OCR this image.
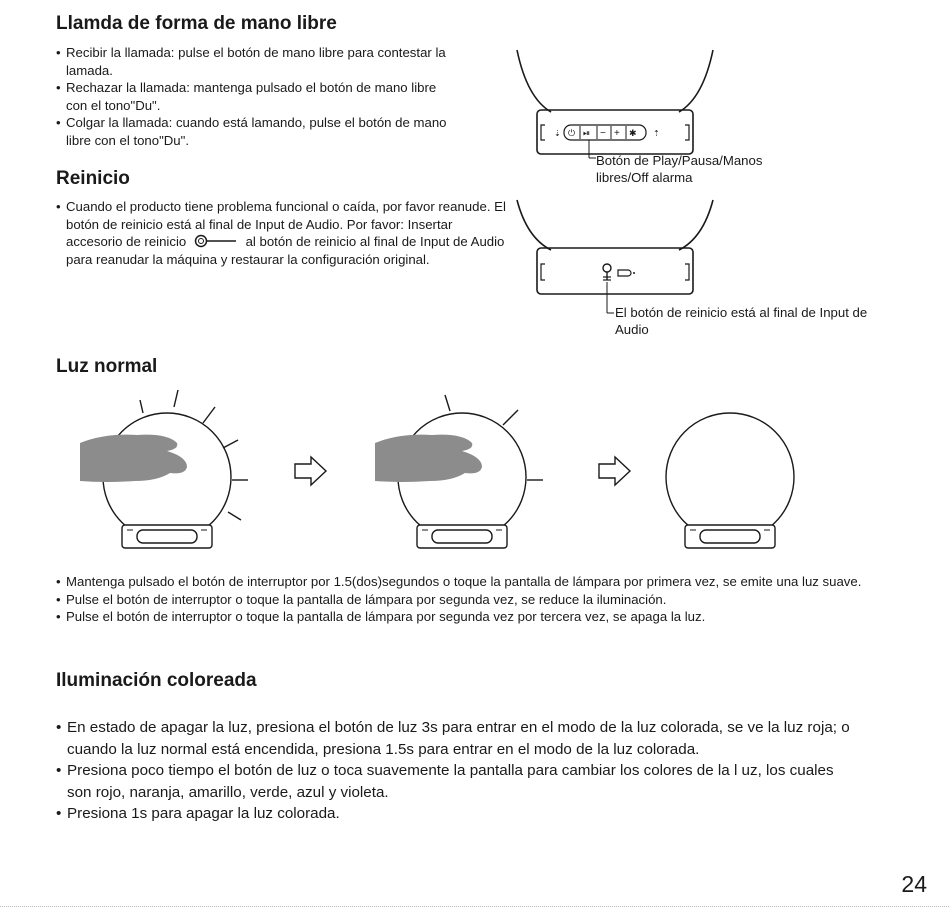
Llamda de forma de mano libre
• Recibir la llamada: pulse el botón de mano libre para contestar la lamada.
• Rechazar la llamada: mantenga pulsado el botón de mano libre con el tono"Du".
• Colgar la llamada: cuando está lamando, pulse el botón de mano libre con el tono"Du".
Reinicio
• Cuando el producto tiene problema funcional o caída, por favor reanude. El botón de reinicio está al final de Input de Audio. Por favor: Insertar accesorio de reinicio	al botón de reinicio al final de Input de Audio para reanudar la máquina y restaurar la configuración original.
⇣ ⏻ ⏯ − + ✱ ⇡
Botón de Play/Pausa/Manos libres/Off alarma
El botón de reinicio está al final de Input de Audio
Luz normal
• Mantenga pulsado el botón de interruptor por 1.5(dos)segundos o toque la pantalla de lámpara por primera vez, se emite una luz suave.
• Pulse el botón de interruptor o toque la pantalla de lámpara por segunda vez, se reduce la iluminación.
• Pulse el botón de interruptor o toque la pantalla de lámpara por segunda vez por tercera vez, se apaga la luz.
Iluminación coloreada
• En estado de apagar la luz, presiona el botón de luz 3s para entrar en el modo de la luz colorada, se ve la luz roja; o cuando la luz normal está encendida, presiona 1.5s para entrar en el modo de la luz colorada.
• Presiona poco tiempo el botón de luz o toca suavemente la pantalla para cambiar los colores de la l uz, los cuales son rojo, naranja, amarillo, verde, azul y violeta.
• Presiona 1s para apagar la luz colorada.
24
